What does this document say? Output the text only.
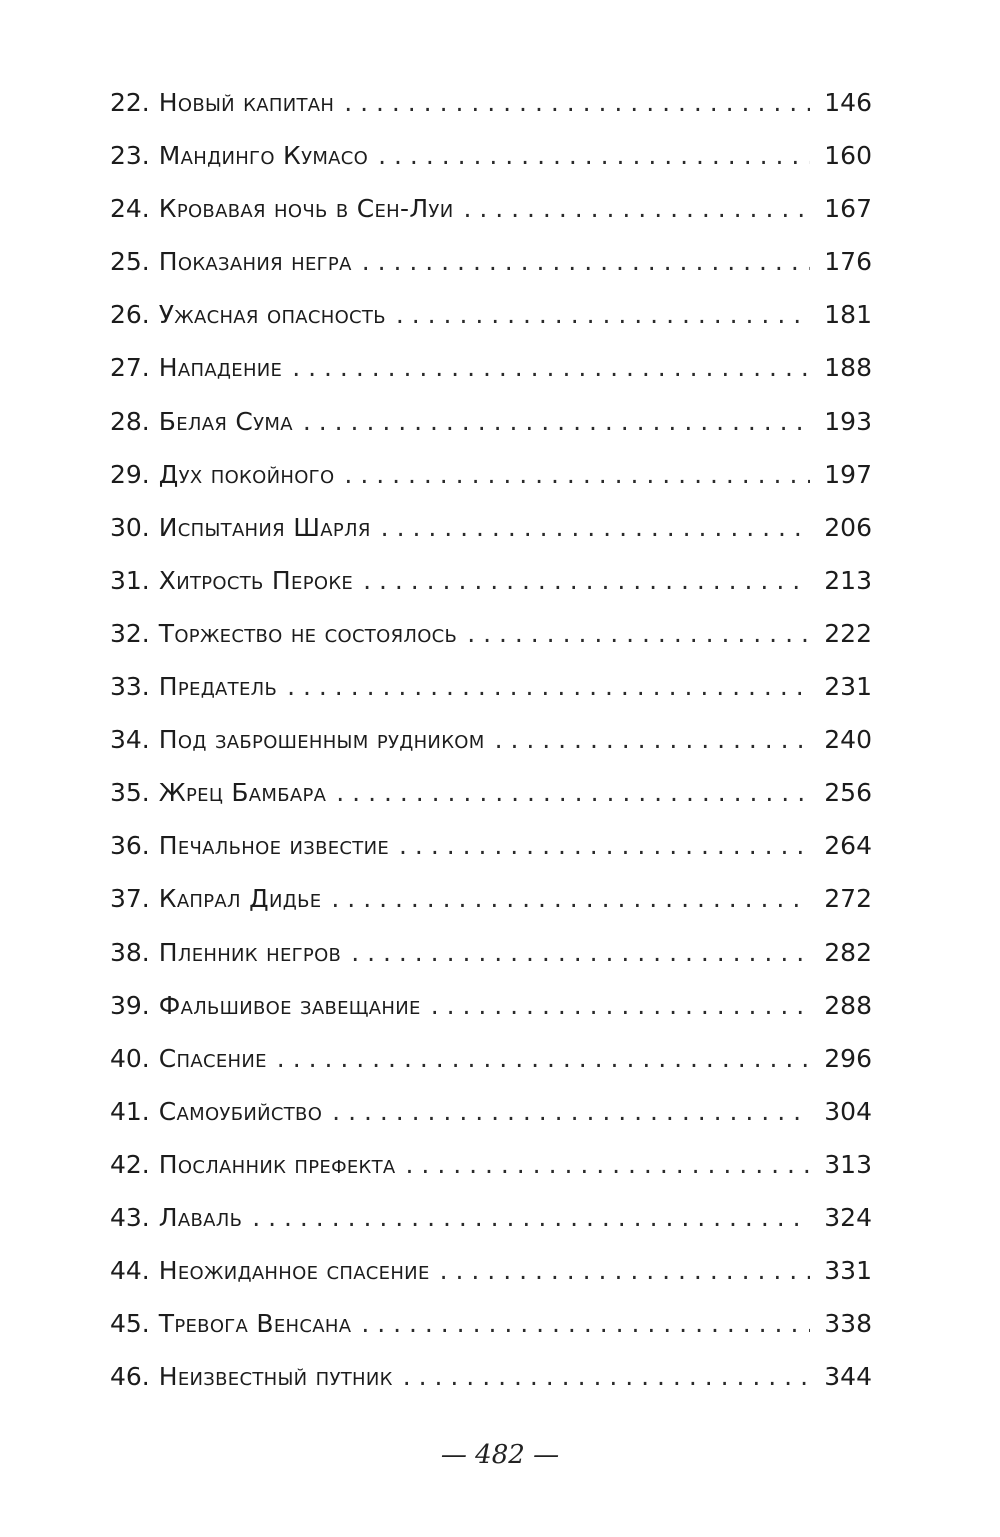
22. Новый капитан . . .	146
23. Мандинго Кумасо . . .	160
24. Кровавая ночь в Сен-Луи . . .	167
25. Показания негра . . .	176
26. Ужасная опасность . . .	181
27. Нападение . . .	188
28. Белая Сума . . .	193
29. Дух покойного . . .	197
30. Испытания Шарля . . .	206
31. Хитрость Пероке . . .	213
32. Торжество не состоялось . . .	222
33. Предатель . . .	231
34. Под заброшенным рудником . . .	240
35. Жрец Бамбара . . .	256
36. Печальное известие . . .	264
37. Капрал Дидье . . .	272
38. Пленник негров . . .	282
39. Фальшивое завещание . . .	288
40. Спасение . . .	296
41. Самоубийство . . .	304
42. Посланник префекта . . .	313
43. Лаваль . . .	324
44. Неожиданное спасение . . .	331
45. Тревога Венсана . . .	338
46. Неизвестный путник . . .	344
— 482 —
